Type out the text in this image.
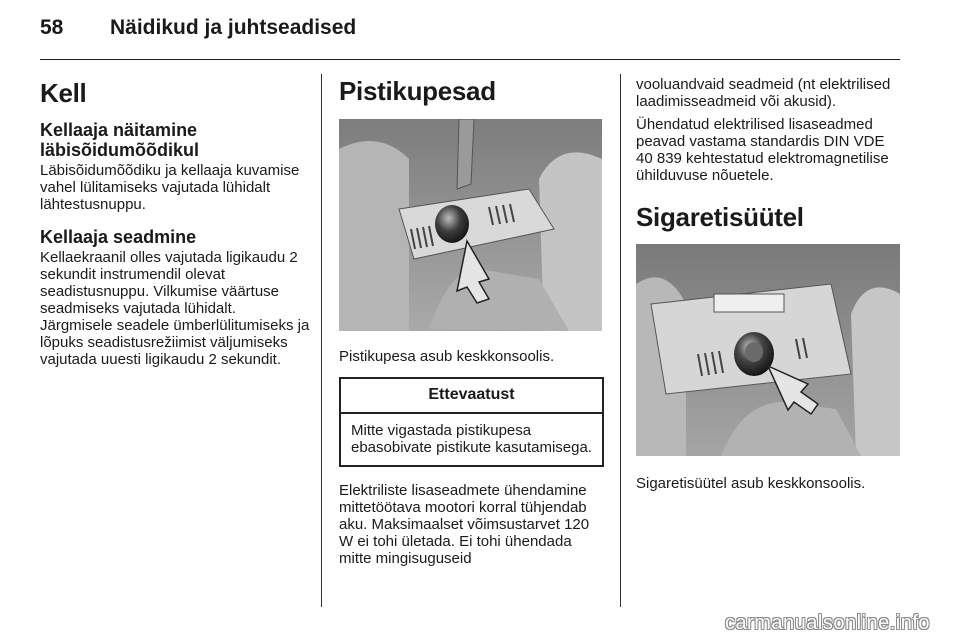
58 Näidikud ja juhtseadised
Kell
Kellaaja näitamine läbisõidumõõdikul

Läbisõidumõõdiku ja kellaaja kuvamise vahel lülitamiseks vajutada lühidalt lähtestusnuppu.

Kellaaja seadmine

Kellaekraanil olles vajutada ligikaudu 2 sekundit instrumendil olevat seadistusnuppu. Vilkumise väärtuse seadmiseks vajutada lühidalt. Järgmisele seadele ümberlülitumiseks ja lõpuks seadistusrežiimist väljumiseks vajutada uuesti ligikaudu 2 sekundit.

Pistikupesad

Pistikupesa asub keskkonsoolis.

Ettevaatust
Mitte vigastada pistikupesa ebasobivate pistikute kasutamisega.

Elektriliste lisaseadmete ühendamine mittetöötava mootori korral tühjendab aku. Maksimaalset võimsustarvet 120 W ei tohi ületada. Ei tohi ühendada mitte mingisuguseid

vooluandvaid seadmeid (nt elektrilised laadimisseadmeid või akusid).

Ühendatud elektrilised lisaseadmed peavad vastama standardis DIN VDE 40 839 kehtestatud elektromagnetilise ühilduvuse nõuetele.

Sigaretisüütel

Sigaretisüütel asub keskkonsoolis.

carmanualsonline.info
